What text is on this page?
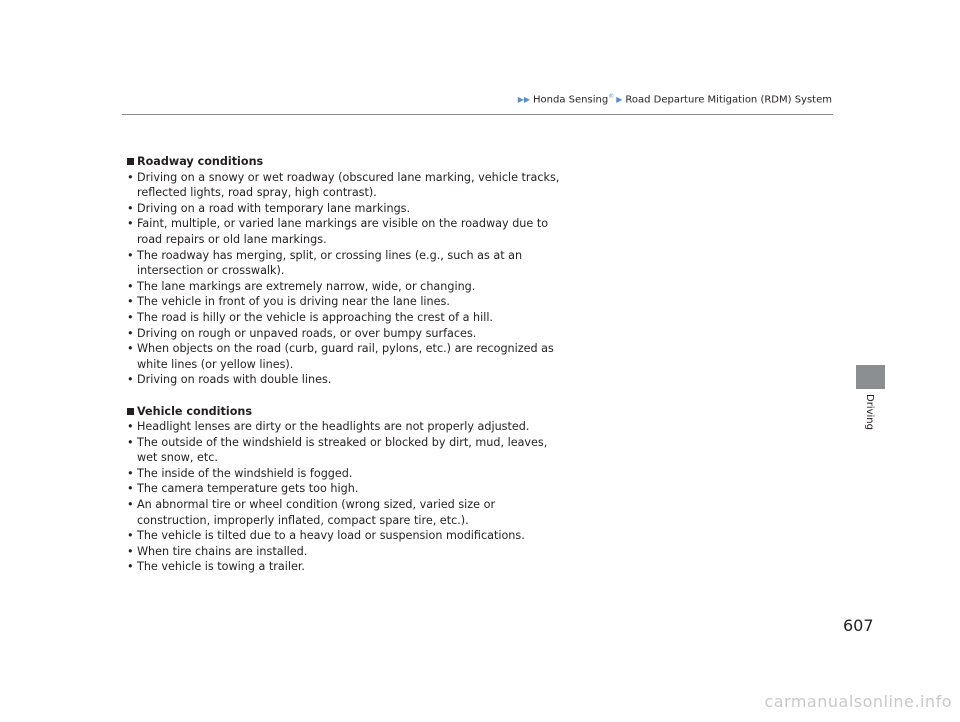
▶▶ Honda Sensing® ▶ Road Departure Mitigation (RDM) System
Driving

Roadway conditions

• Driving on a snowy or wet roadway (obscured lane marking, vehicle tracks, reflected lights, road spray, high contrast).
• Driving on a road with temporary lane markings.
• Faint, multiple, or varied lane markings are visible on the roadway due to road repairs or old lane markings.
• The roadway has merging, split, or crossing lines (e.g., such as at an intersection or crosswalk).
• The lane markings are extremely narrow, wide, or changing.
• The vehicle in front of you is driving near the lane lines.
• The road is hilly or the vehicle is approaching the crest of a hill.
• Driving on rough or unpaved roads, or over bumpy surfaces.
• When objects on the road (curb, guard rail, pylons, etc.) are recognized as white lines (or yellow lines).
• Driving on roads with double lines.

Vehicle conditions

• Headlight lenses are dirty or the headlights are not properly adjusted.
• The outside of the windshield is streaked or blocked by dirt, mud, leaves, wet snow, etc.
• The inside of the windshield is fogged.
• The camera temperature gets too high.
• An abnormal tire or wheel condition (wrong sized, varied size or construction, improperly inflated, compact spare tire, etc.).
• The vehicle is tilted due to a heavy load or suspension modifications.
• When tire chains are installed.
• The vehicle is towing a trailer.
607
carmanualsonline.info
